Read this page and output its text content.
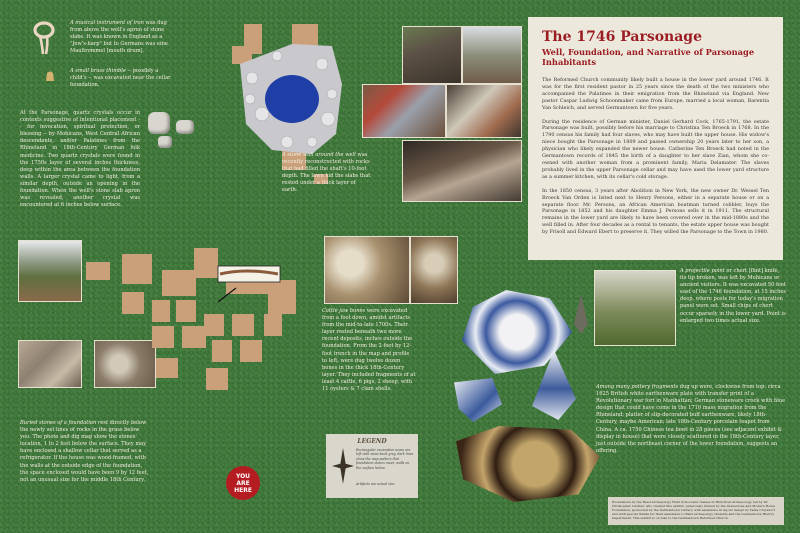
A musical instrument of iron was dug from above the well's apron of stone slabs. It was known in England as a "Jew's-harp" but to Germans was eine Maultrommel [mouth drum].
A small brass thimble -- possibly a child's -- was excavated near the cellar foundation.
At the Parsonage, quartz crystals occur in contexts suggestive of intentional placement -- for invocation, spiritual protection, or blessing -- by Mohicans, West Central African descendants, and/or Palatines from the Rhineland in 18th-Century German folk medicine. Two quartz crystals were found in the 1750s layer of several inches thickness, deep within the area between the foundation walls. A larger crystal came to light, from a similar depth, outside an opening in the foundation. When the well's stone slab apron was revealed, another crystal was encountered at 6 inches below surface.
A stone wall around the well was recently reconstructed with rocks that had filled the shaft's 10-foot depth. The lawn hid the slabs that rested under a thick layer of earth.
The 1746 Parsonage
Well, Foundation, and Narrative of Parsonage Inhabitants

The Reformed Church community likely built a house in the lower yard around 1746. It was for the first resident pastor in 25 years since the death of the two ministers who accompanied the Palatines in their emigration from the Rhineland via England. New pastor Caspar Ludwig Schoonmaker came from Europe, married a local woman, Barentia Van Schleich, and served Germantown for five years.

During the residence of German minister, Daniel Gerhard Cock, 1765-1791, the estate Parsonage was built, possibly before his marriage to Christina Ten Broeck in 1768. In the 1790 census his family had four slaves, who may have built the upper house. His widow's niece bought the Parsonage in 1809 and passed ownership 20 years later to her son, a physician who likely expanded the newer house. Catherine Ten Broeck had noted in the Germantown records of 1845 the birth of a daughter to her slave Zian, whom she co-owned with another woman from a prominent family, Maria Delamater. The slaves probably lived in the upper Parsonage cellar and may have used the lower yard structure as a summer kitchen, with its cellar's cold storage.

In the 1850 census, 3 years after Abolition in New York, the new owner Dr. Wessel Ten Broeck Van Orden is listed next to Henry Persons, either in a separate house or on a separate floor. Mr. Persons, an African American boatman turned cobbler, buys the Parsonage in 1852 and his daughter Emma J. Persons sells it in 1911. The structural remains in the lower yard are likely to have been covered over in the mid-1880s and the well filled in. After four decades as a rental to tenants, the estate upper house was bought by Frisoll and Edward Ebert to preserve it. They willed the Parsonage to the Town in 1980.

Cattle jaw bones were excavated from a foot down, amidst artifacts from the mid-to-late 1700s. Their layer rested beneath two more recent deposits, inches outside the foundation. From the 2-foot by 12-foot trench in the map and profile to left, were dug twelve dozen bones in the thick 18th-Century layer. They included fragments of at least 4 cattle, 6 pigs, 2 sheep, with 11 oysters & 7 clam shells.
A projectile point or chert [flint] knife, its tip broken, was left by Mohicans or ancient visitors. It was excavated 50 feet east of the 1746 foundation, at 15 inches deep, where posts for today's migration panel were set. Small chips of chert occur sparsely in the lower yard. Point is enlarged two times actual size.
Among many pottery fragments dug up were, clockwise from top: circa 1625 British white earthenware plate with transfer print of a Revolutionary war fort in Manhattan; German stoneware crock with blue design that could have come in the 1710 mass migration from the Rhineland; platter of slip-decorated buff earthenware, likely 18th-Century, maybe American; late 18th-Century porcelain teapot from China. A ca. 1750 Chinese tea bowl in 28 pieces (see adjacent exhibit & display in house) that were closely scattered in the 18th-Century layer, just outside the northeast corner of the lower foundation, suggests an offering.
Buried stones of a foundation rest directly below the newly set lines of rocks in the grass below you. The photo and dig map show the stones' location, 1 to 2 feet below the surface. They may have enclosed a shallow cellar that served as a refrigerator. If the house was wood-framed, with the walls at the outside edge of the foundation, the space enclosed would have been 9 by 12 feet, not an unusual size for the middle 18th Century.
YOU
ARE
HERE
LEGEND
Rectangular excavation areas are left with moss-back grey, dark lines show the map pattern that foundation stones meet; walls on the surface below.
Artifacts are actual size.
Excavations by the Reed Archaeology Field School and classes in Historical Archaeology, led by Dr. Christopher Lindner, who created this exhibit, generously funded by the Gravestone and Modern Home Foundation, sponsored by the Germantown Library, with assistance in layout design by Tama Cruysdorf and with special thanks for their assistance to Bard archaeology students and the Germantown History Department. This exhibit is on loan to the Germantown Reformed Church.
